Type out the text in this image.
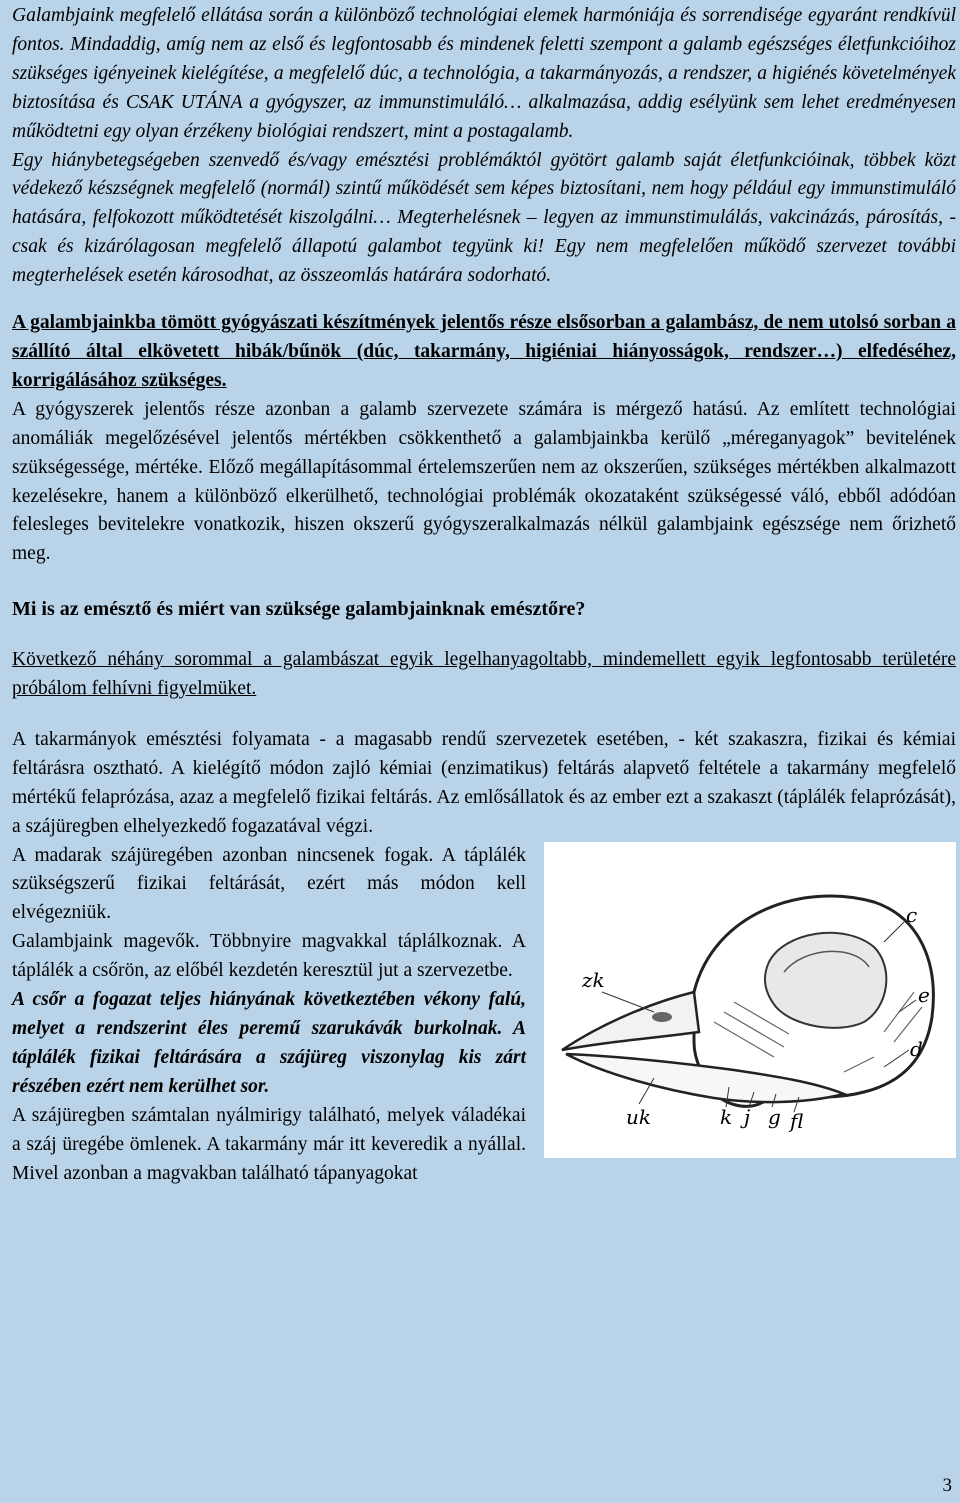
Galambjaink megfelelő ellátása során a különböző technológiai elemek harmóniája és sorrendisége egyaránt rendkívül fontos. Mindaddig, amíg nem az első és legfontosabb és mindenek feletti szempont a galamb egészséges életfunkcióihoz szükséges igényeinek kielégítése, a megfelelő dúc, a technológia, a takarmányozás, a rendszer, a higiénés követelmények biztosítása és CSAK UTÁNA a gyógyszer, az immunstimuláló… alkalmazása, addig esélyünk sem lehet eredményesen működtetni egy olyan érzékeny biológiai rendszert, mint a postagalamb.

Egy hiánybetegségeben szenvedő és/vagy emésztési problémáktól gyötört galamb saját életfunkcióinak, többek közt védekező készségnek megfelelő (normál) szintű működését sem képes biztosítani, nem hogy például egy immunstimuláló hatására, felfokozott működtetését kiszolgálni… Megterhelésnek – legyen az immunstimulálás, vakcinázás, párosítás, - csak és kizárólagosan megfelelő állapotú galambot tegyünk ki! Egy nem megfelelően működő szervezet további megterhelések esetén károsodhat, az összeomlás határára sodorható.

A galambjainkba tömött gyógyászati készítmények jelentős része elsősorban a galambász, de nem utolsó sorban a szállító által elkövetett hibák/bűnök (dúc, takarmány, higiéniai hiányosságok, rendszer…) elfedéséhez, korrigálásához szükséges.

A gyógyszerek jelentős része azonban a galamb szervezete számára is mérgező hatású. Az említett technológiai anomáliák megelőzésével jelentős mértékben csökkenthető a galambjainkba kerülő „méreganyagok” bevitelének szükségessége, mértéke. Előző megállapításommal értelemszerűen nem az okszerűen, szükséges mértékben alkalmazott kezelésekre, hanem a különböző elkerülhető, technológiai problémák okozataként szükségessé váló, ebből adódóan felesleges bevitelekre vonatkozik, hiszen okszerű gyógyszeralkalmazás nélkül galambjaink egészsége nem őrizhető meg.

Mi is az emésztő és miért van szüksége galambjainknak emésztőre?

Következő néhány sorommal a galambászat egyik legelhanyagoltabb, mindemellett egyik legfontosabb területére próbálom felhívni figyelmüket.

A takarmányok emésztési folyamata - a magasabb rendű szervezetek esetében, - két szakaszra, fizikai és kémiai feltárásra osztható. A kielégítő módon zajló kémiai (enzimatikus) feltárás alapvető feltétele a takarmány megfelelő mértékű felaprózása, azaz a megfelelő fizikai feltárás. Az emlősállatok és az ember ezt a szakaszt (táplálék felaprózását), a szájüregben elhelyezkedő fogazatával végzi.

zk
c
e
d
uk	k j g fl

A madarak szájüregében azonban nincsenek fogak. A táplálék szükségszerű fizikai feltárását, ezért más módon kell elvégezniük.

Galambjaink magevők. Többnyire magvakkal táplálkoznak. A táplálék a csőrön, az előbél kezdetén keresztül jut a szervezetbe.

A csőr a fogazat teljes hiányának következtében vékony falú, melyet a rendszerint éles peremű szarukávák burkolnak. A táplálék fizikai feltárására a szájüreg viszonylag kis zárt részében ezért nem kerülhet sor.

A szájüregben számtalan nyálmirigy található, melyek váladékai a száj üregébe ömlenek. A takarmány már itt keveredik a nyállal. Mivel azonban a magvakban található tápanyagokat

3
